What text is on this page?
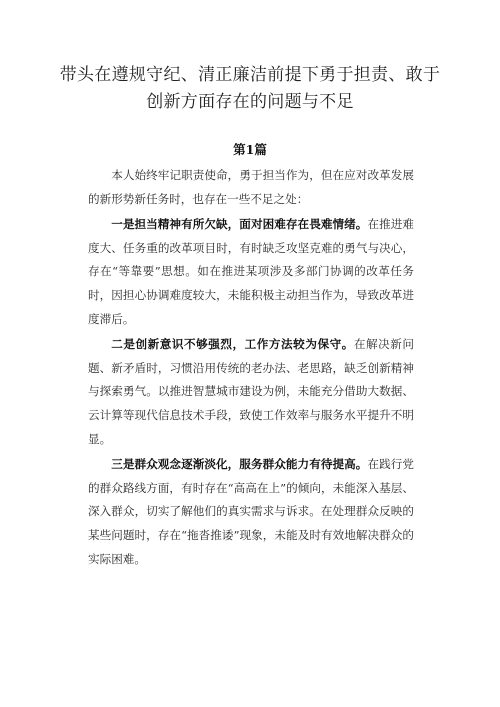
带头在遵规守纪、清正廉洁前提下勇于担责、敢于创新方面存在的问题与不足
第1篇

本人始终牢记职责使命，勇于担当作为，但在应对改革发展的新形势新任务时，也存在一些不足之处：

一是担当精神有所欠缺，面对困难存在畏难情绪。在推进难度大、任务重的改革项目时，有时缺乏攻坚克难的勇气与决心，存在“等靠要”思想。如在推进某项涉及多部门协调的改革任务时，因担心协调难度较大，未能积极主动担当作为，导致改革进度滞后。

二是创新意识不够强烈，工作方法较为保守。在解决新问题、新矛盾时，习惯沿用传统的老办法、老思路，缺乏创新精神与探索勇气。以推进智慧城市建设为例，未能充分借助大数据、云计算等现代信息技术手段，致使工作效率与服务水平提升不明显。

三是群众观念逐渐淡化，服务群众能力有待提高。在践行党的群众路线方面，有时存在“高高在上”的倾向，未能深入基层、深入群众，切实了解他们的真实需求与诉求。在处理群众反映的某些问题时，存在“拖沓推诿”现象，未能及时有效地解决群众的实际困难。
